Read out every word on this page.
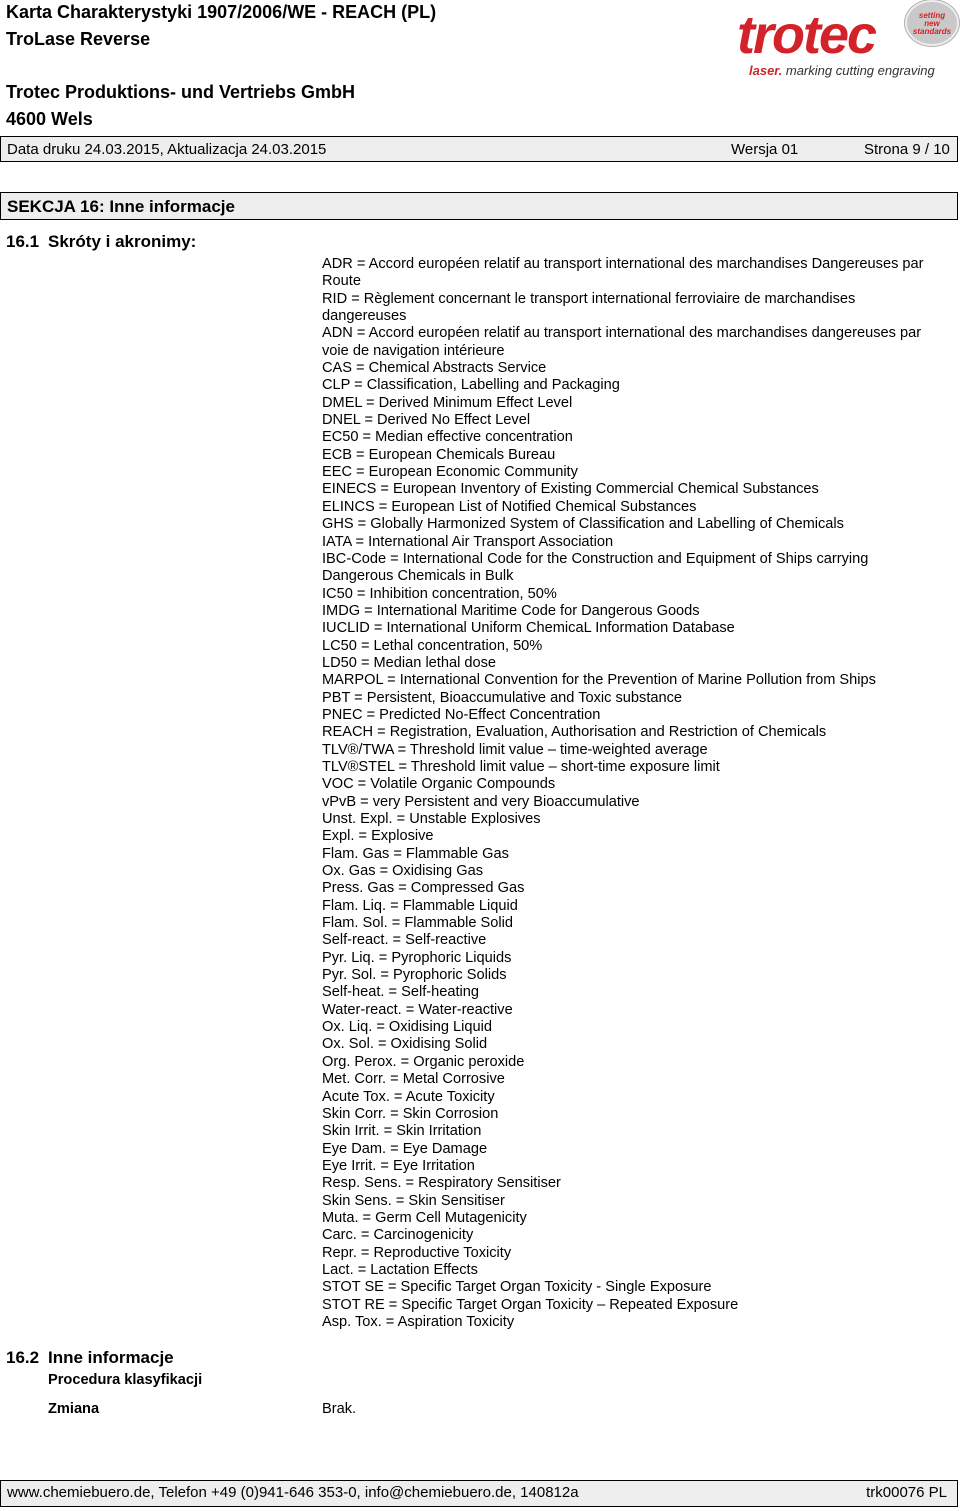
Karta Charakterystyki 1907/2006/WE - REACH (PL)
TroLase Reverse
Trotec Produktions- und Vertriebs GmbH
4600 Wels
trotec
laser. marking cutting engraving
setting
new
standards
Data druku 24.03.2015, Aktualizacja 24.03.2015	Wersja 01	Strona 9 / 10
SEKCJA 16: Inne informacje
16.1 Skróty i akronimy:
ADR = Accord européen relatif au transport international des marchandises Dangereuses par
Route
RID = Règlement concernant le transport international ferroviaire de marchandises
dangereuses
ADN = Accord européen relatif au transport international des marchandises dangereuses par
voie de navigation intérieure
CAS = Chemical Abstracts Service
CLP = Classification, Labelling and Packaging
DMEL = Derived Minimum Effect Level
DNEL = Derived No Effect Level
EC50 = Median effective concentration
ECB = European Chemicals Bureau
EEC = European Economic Community
EINECS = European Inventory of Existing Commercial Chemical Substances
ELINCS = European List of Notified Chemical Substances
GHS = Globally Harmonized System of Classification and Labelling of Chemicals
IATA = International Air Transport Association
IBC-Code = International Code for the Construction and Equipment of Ships carrying
Dangerous Chemicals in Bulk
IC50 = Inhibition concentration, 50%
IMDG = International Maritime Code for Dangerous Goods
IUCLID = International Uniform ChemicaL Information Database
LC50 = Lethal concentration, 50%
LD50 = Median lethal dose
MARPOL = International Convention for the Prevention of Marine Pollution from Ships
PBT = Persistent, Bioaccumulative and Toxic substance
PNEC = Predicted No-Effect Concentration
REACH = Registration, Evaluation, Authorisation and Restriction of Chemicals
TLV®/TWA = Threshold limit value – time-weighted average
TLV®STEL = Threshold limit value – short-time exposure limit
VOC = Volatile Organic Compounds
vPvB = very Persistent and very Bioaccumulative
Unst. Expl. = Unstable Explosives
Expl. = Explosive
Flam. Gas = Flammable Gas
Ox. Gas = Oxidising Gas
Press. Gas = Compressed Gas
Flam. Liq. = Flammable Liquid
Flam. Sol. = Flammable Solid
Self-react. = Self-reactive
Pyr. Liq. = Pyrophoric Liquids
Pyr. Sol. = Pyrophoric Solids
Self-heat. = Self-heating
Water-react. = Water-reactive
Ox. Liq. = Oxidising Liquid
Ox. Sol. = Oxidising Solid
Org. Perox. = Organic peroxide
Met. Corr. = Metal Corrosive
Acute Tox. = Acute Toxicity
Skin Corr. = Skin Corrosion
Skin Irrit. = Skin Irritation
Eye Dam. = Eye Damage
Eye Irrit. = Eye Irritation
Resp. Sens. = Respiratory Sensitiser
Skin Sens. = Skin Sensitiser
Muta. = Germ Cell Mutagenicity
Carc. = Carcinogenicity
Repr. = Reproductive Toxicity
Lact. = Lactation Effects
STOT SE = Specific Target Organ Toxicity - Single Exposure
STOT RE = Specific Target Organ Toxicity – Repeated Exposure
Asp. Tox. = Aspiration Toxicity
16.2 Inne informacje
Procedura klasyfikacji
Zmiana	Brak.
www.chemiebuero.de, Telefon +49 (0)941-646 353-0, info@chemiebuero.de, 140812a	trk00076 PL
